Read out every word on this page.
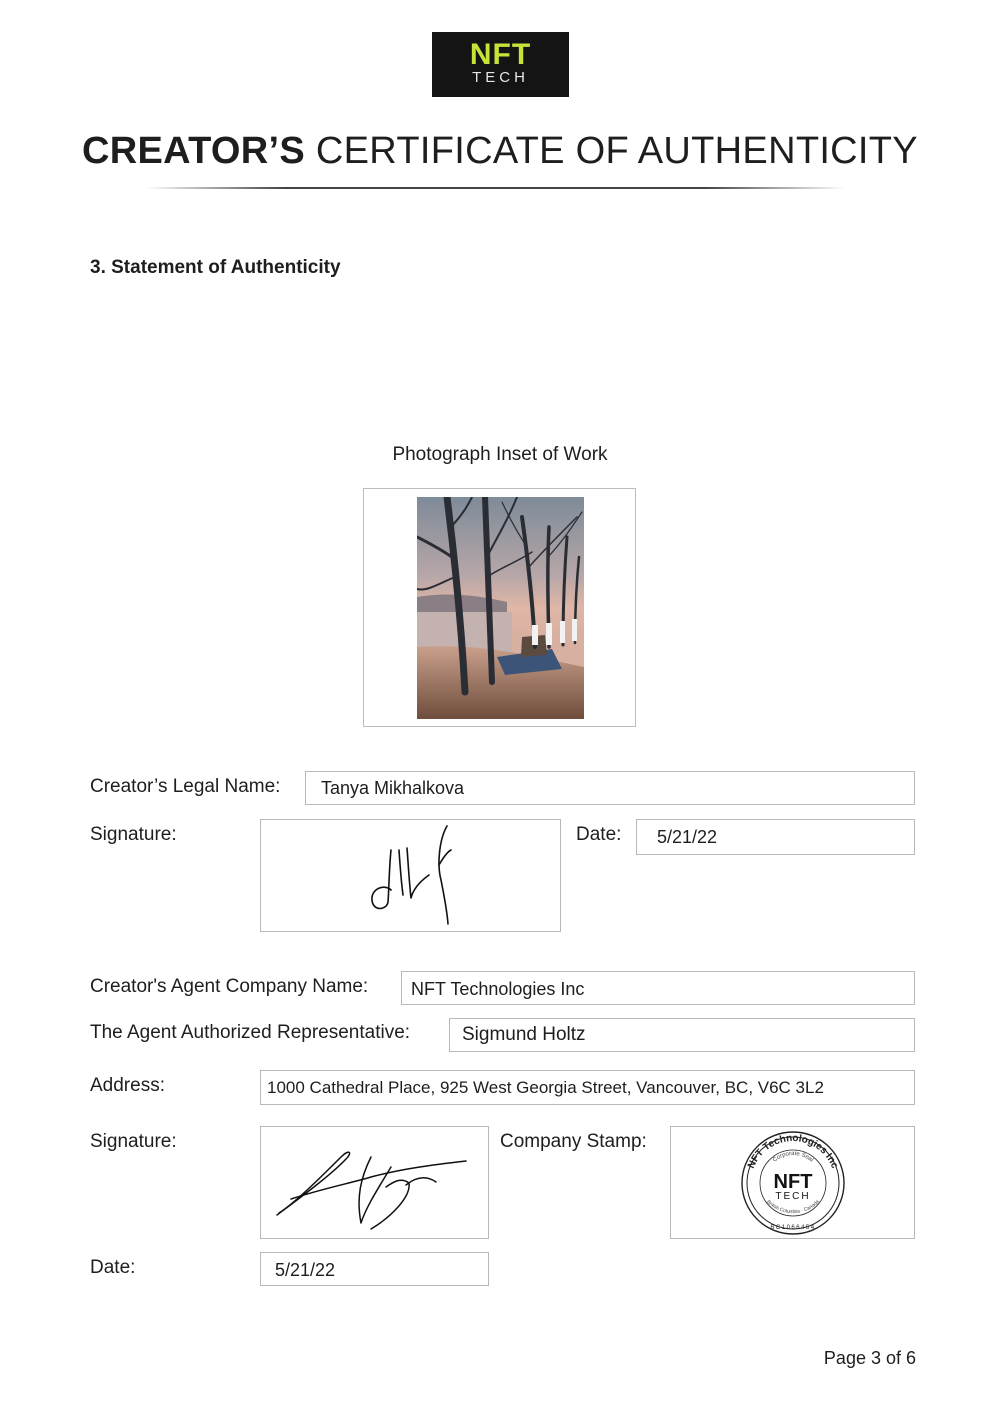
NFT
TECH
CREATOR’S CERTIFICATE OF AUTHENTICITY
3. Statement of Authenticity
Photograph Inset of Work
Creator’s Legal Name: Tanya Mikhalkova
Signature:	Date: 5/21/22
Creator's Agent Company Name: NFT Technologies Inc
The Agent Authorized Representative:	Sigmund Holtz
Address:	1000 Cathedral Place, 925 West Georgia Street, Vancouver, BC, V6C 3L2
Signature:	Company Stamp:
NFT Technologies Inc
Corporate Seal
British Columbia · Canada
BC1066454
NFT
TECH
Date:	5/21/22
Page 3 of 6
